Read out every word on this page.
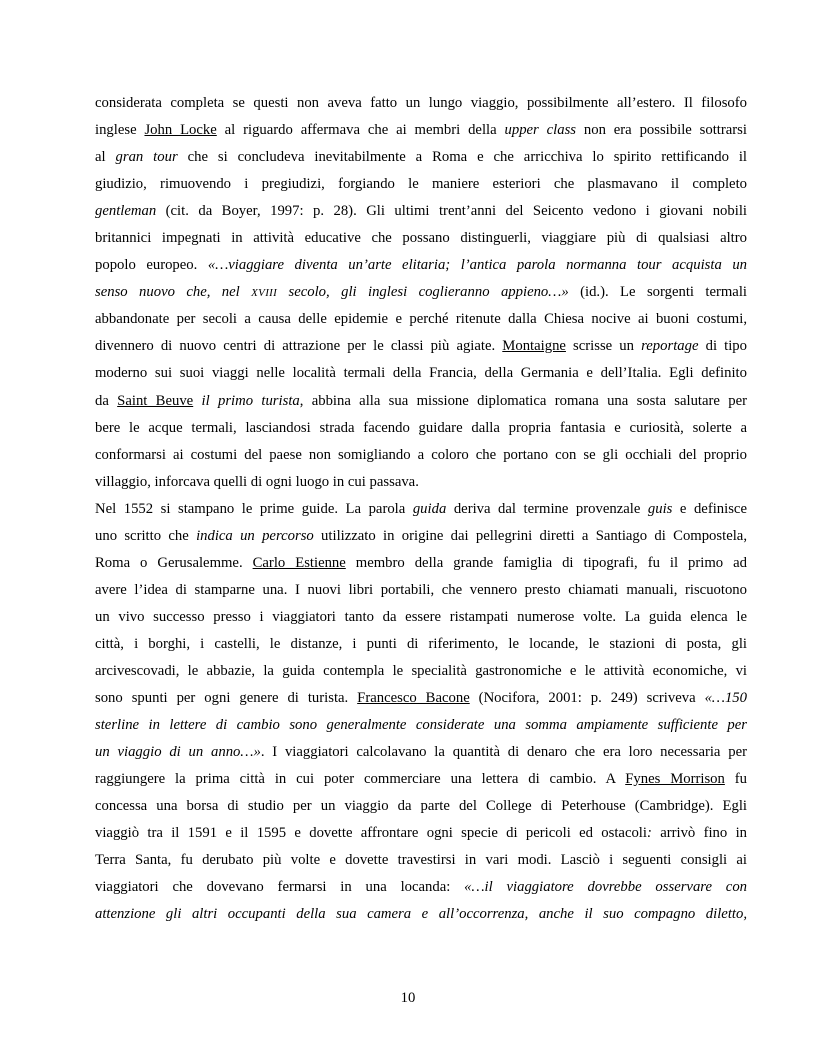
considerata completa se questi non aveva fatto un lungo viaggio, possibilmente all’estero. Il filosofo
inglese John Locke al riguardo affermava che ai membri della upper class non era possibile sottrarsi
al gran tour che si concludeva inevitabilmente a Roma e che arricchiva lo spirito rettificando il
giudizio, rimuovendo i pregiudizi, forgiando le maniere esteriori che plasmavano il completo
gentleman (cit. da Boyer, 1997: p. 28). Gli ultimi trent’anni del Seicento vedono i giovani nobili
britannici impegnati in attività educative che possano distinguerli, viaggiare più di qualsiasi altro
popolo europeo. «…viaggiare diventa un’arte elitaria; l’antica parola normanna tour acquista un
senso nuovo che, nel XVIII secolo, gli inglesi coglieranno appieno…» (id.). Le sorgenti termali
abbandonate per secoli a causa delle epidemie e perché ritenute dalla Chiesa nocive ai buoni costumi,
divennero di nuovo centri di attrazione per le classi più agiate. Montaigne scrisse un reportage di tipo
moderno sui suoi viaggi nelle località termali della Francia, della Germania e dell’Italia. Egli definito
da Saint Beuve il primo turista, abbina alla sua missione diplomatica romana una sosta salutare per
bere le acque termali, lasciandosi strada facendo guidare dalla propria fantasia e curiosità, solerte a
conformarsi ai costumi del paese non somigliando a coloro che portano con se gli occhiali del proprio
villaggio, inforcava quelli di ogni luogo in cui passava.
Nel 1552 si stampano le prime guide. La parola guida deriva dal termine provenzale guis e definisce
uno scritto che indica un percorso utilizzato in origine dai pellegrini diretti a Santiago di Compostela,
Roma o Gerusalemme. Carlo Estienne membro della grande famiglia di tipografi, fu il primo ad
avere l’idea di stamparne una. I nuovi libri portabili, che vennero presto chiamati manuali, riscuotono
un vivo successo presso i viaggiatori tanto da essere ristampati numerose volte. La guida elenca le
città, i borghi, i castelli, le distanze, i punti di riferimento, le locande, le stazioni di posta, gli
arcivescovadi, le abbazie, la guida contempla le specialità gastronomiche e le attività economiche, vi
sono spunti per ogni genere di turista. Francesco Bacone (Nocifora, 2001: p. 249) scriveva «…150
sterline in lettere di cambio sono generalmente considerate una somma ampiamente sufficiente per
un viaggio di un anno…». I viaggiatori calcolavano la quantità di denaro che era loro necessaria per
raggiungere la prima città in cui poter commerciare una lettera di cambio. A Fynes Morrison fu
concessa una borsa di studio per un viaggio da parte del College di Peterhouse (Cambridge). Egli
viaggiò tra il 1591 e il 1595 e dovette affrontare ogni specie di pericoli ed ostacoli: arrivò fino in
Terra Santa, fu derubato più volte e dovette travestirsi in vari modi. Lasciò i seguenti consigli ai
viaggiatori che dovevano fermarsi in una locanda: «…il viaggiatore dovrebbe osservare con
attenzione gli altri occupanti della sua camera e all’occorrenza, anche il suo compagno diletto,
10
